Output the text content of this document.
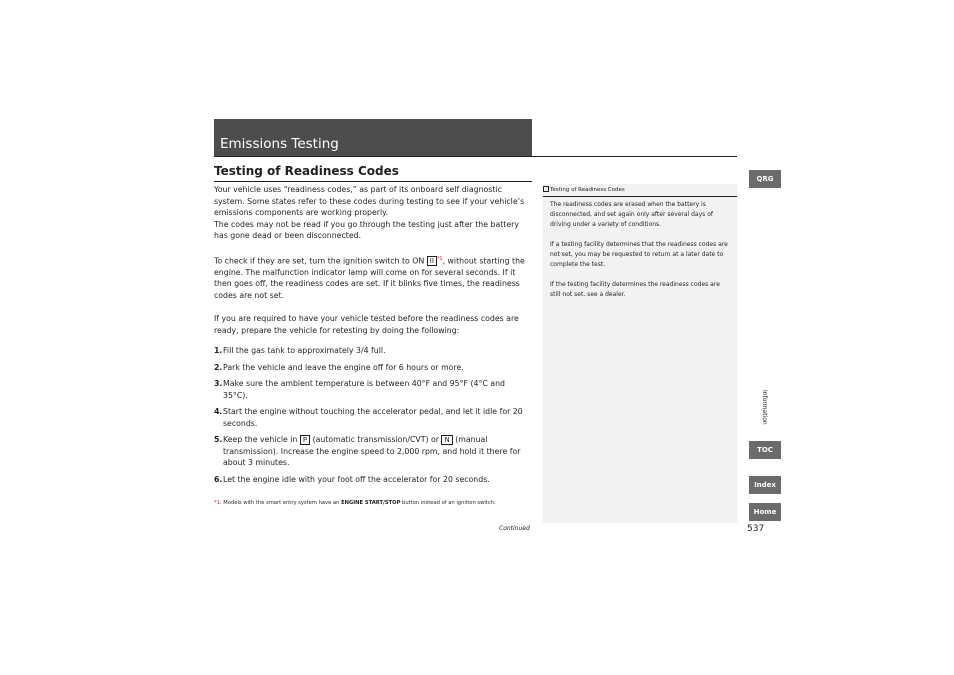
Emissions Testing
Testing of Readiness Codes

Your vehicle uses “readiness codes,” as part of its onboard self diagnostic system. Some states refer to these codes during testing to see if your vehicle’s emissions components are working properly.

The codes may not be read if you go through the testing just after the battery has gone dead or been disconnected.

To check if they are set, turn the ignition switch to ON II $^{*1}$, without starting the engine. The malfunction indicator lamp will come on for several seconds. If it then goes off, the readiness codes are set. If it blinks five times, the readiness codes are not set.

If you are required to have your vehicle tested before the readiness codes are ready, prepare the vehicle for retesting by doing the following:

1. Fill the gas tank to approximately 3/4 full.
2. Park the vehicle and leave the engine off for 6 hours or more.
3. Make sure the ambient temperature is between 40°F and 95°F (4°C and 35°C).
4. Start the engine without touching the accelerator pedal, and let it idle for 20 seconds.
5. Keep the vehicle in P (automatic transmission/CVT) or N (manual transmission). Increase the engine speed to 2,000 rpm, and hold it there for about 3 minutes.
6. Let the engine idle with your foot off the accelerator for 20 seconds.
*1: Models with the smart entry system have an ENGINE START/STOP button instead of an ignition switch.
Continued
Testing of Readiness Codes

The readiness codes are erased when the battery is disconnected, and set again only after several days of driving under a variety of conditions.

If a testing facility determines that the readiness codes are not set, you may be requested to return at a later date to complete the test.

If the testing facility determines the readiness codes are still not set, see a dealer.

QRG
Information
TOC
Index
Home
537
